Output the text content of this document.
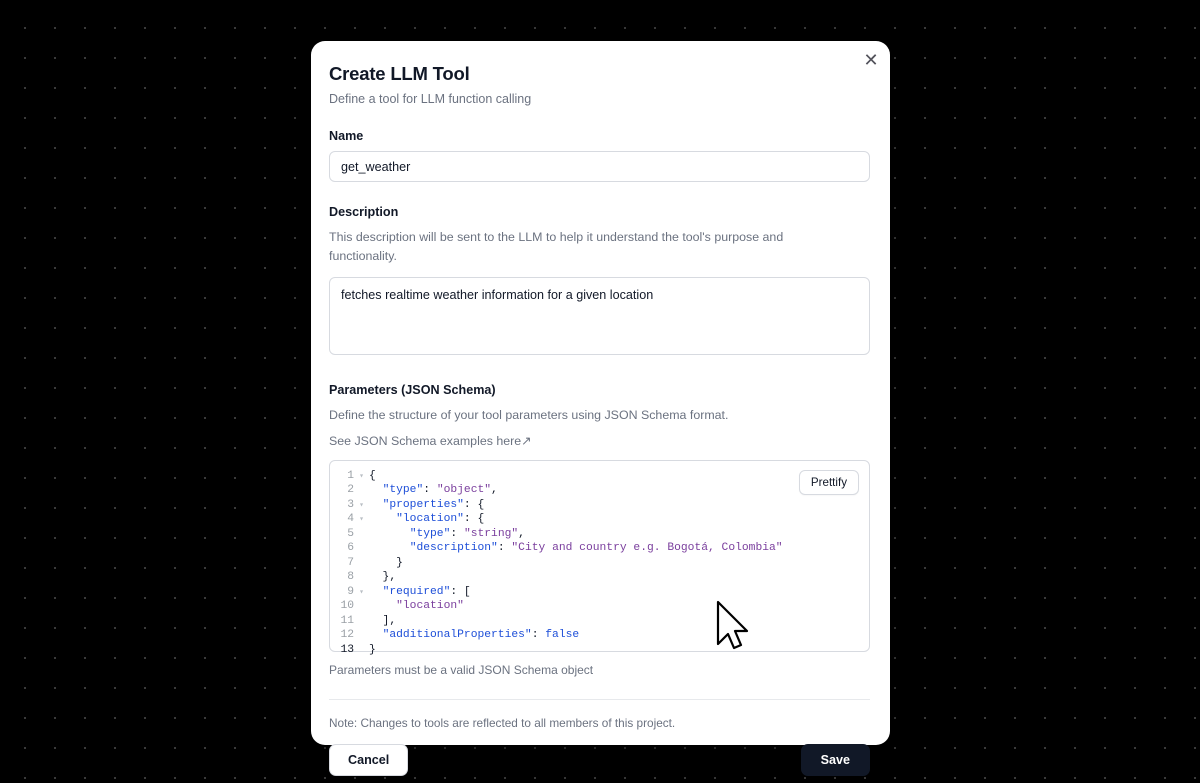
Create LLM Tool
Define a tool for LLM function calling
Name
get_weather
Description
This description will be sent to the LLM to help it understand the tool's purpose and functionality.
fetches realtime weather information for a given location
Parameters (JSON Schema)
Define the structure of your tool parameters using JSON Schema format.
See JSON Schema examples here↗
Prettify
1 ▾ {
2	"type": "object",
3 ▾	"properties": {
4 ▾	"location": {
5	"type": "string",
6	"description": "City and country e.g. Bogotá, Colombia"
7 }
8 },
9 ▾	"required": [
10	"location"
11 ],
12	"additionalProperties": false
13 }
Parameters must be a valid JSON Schema object
Note: Changes to tools are reflected to all members of this project.
Cancel	Save
✕
